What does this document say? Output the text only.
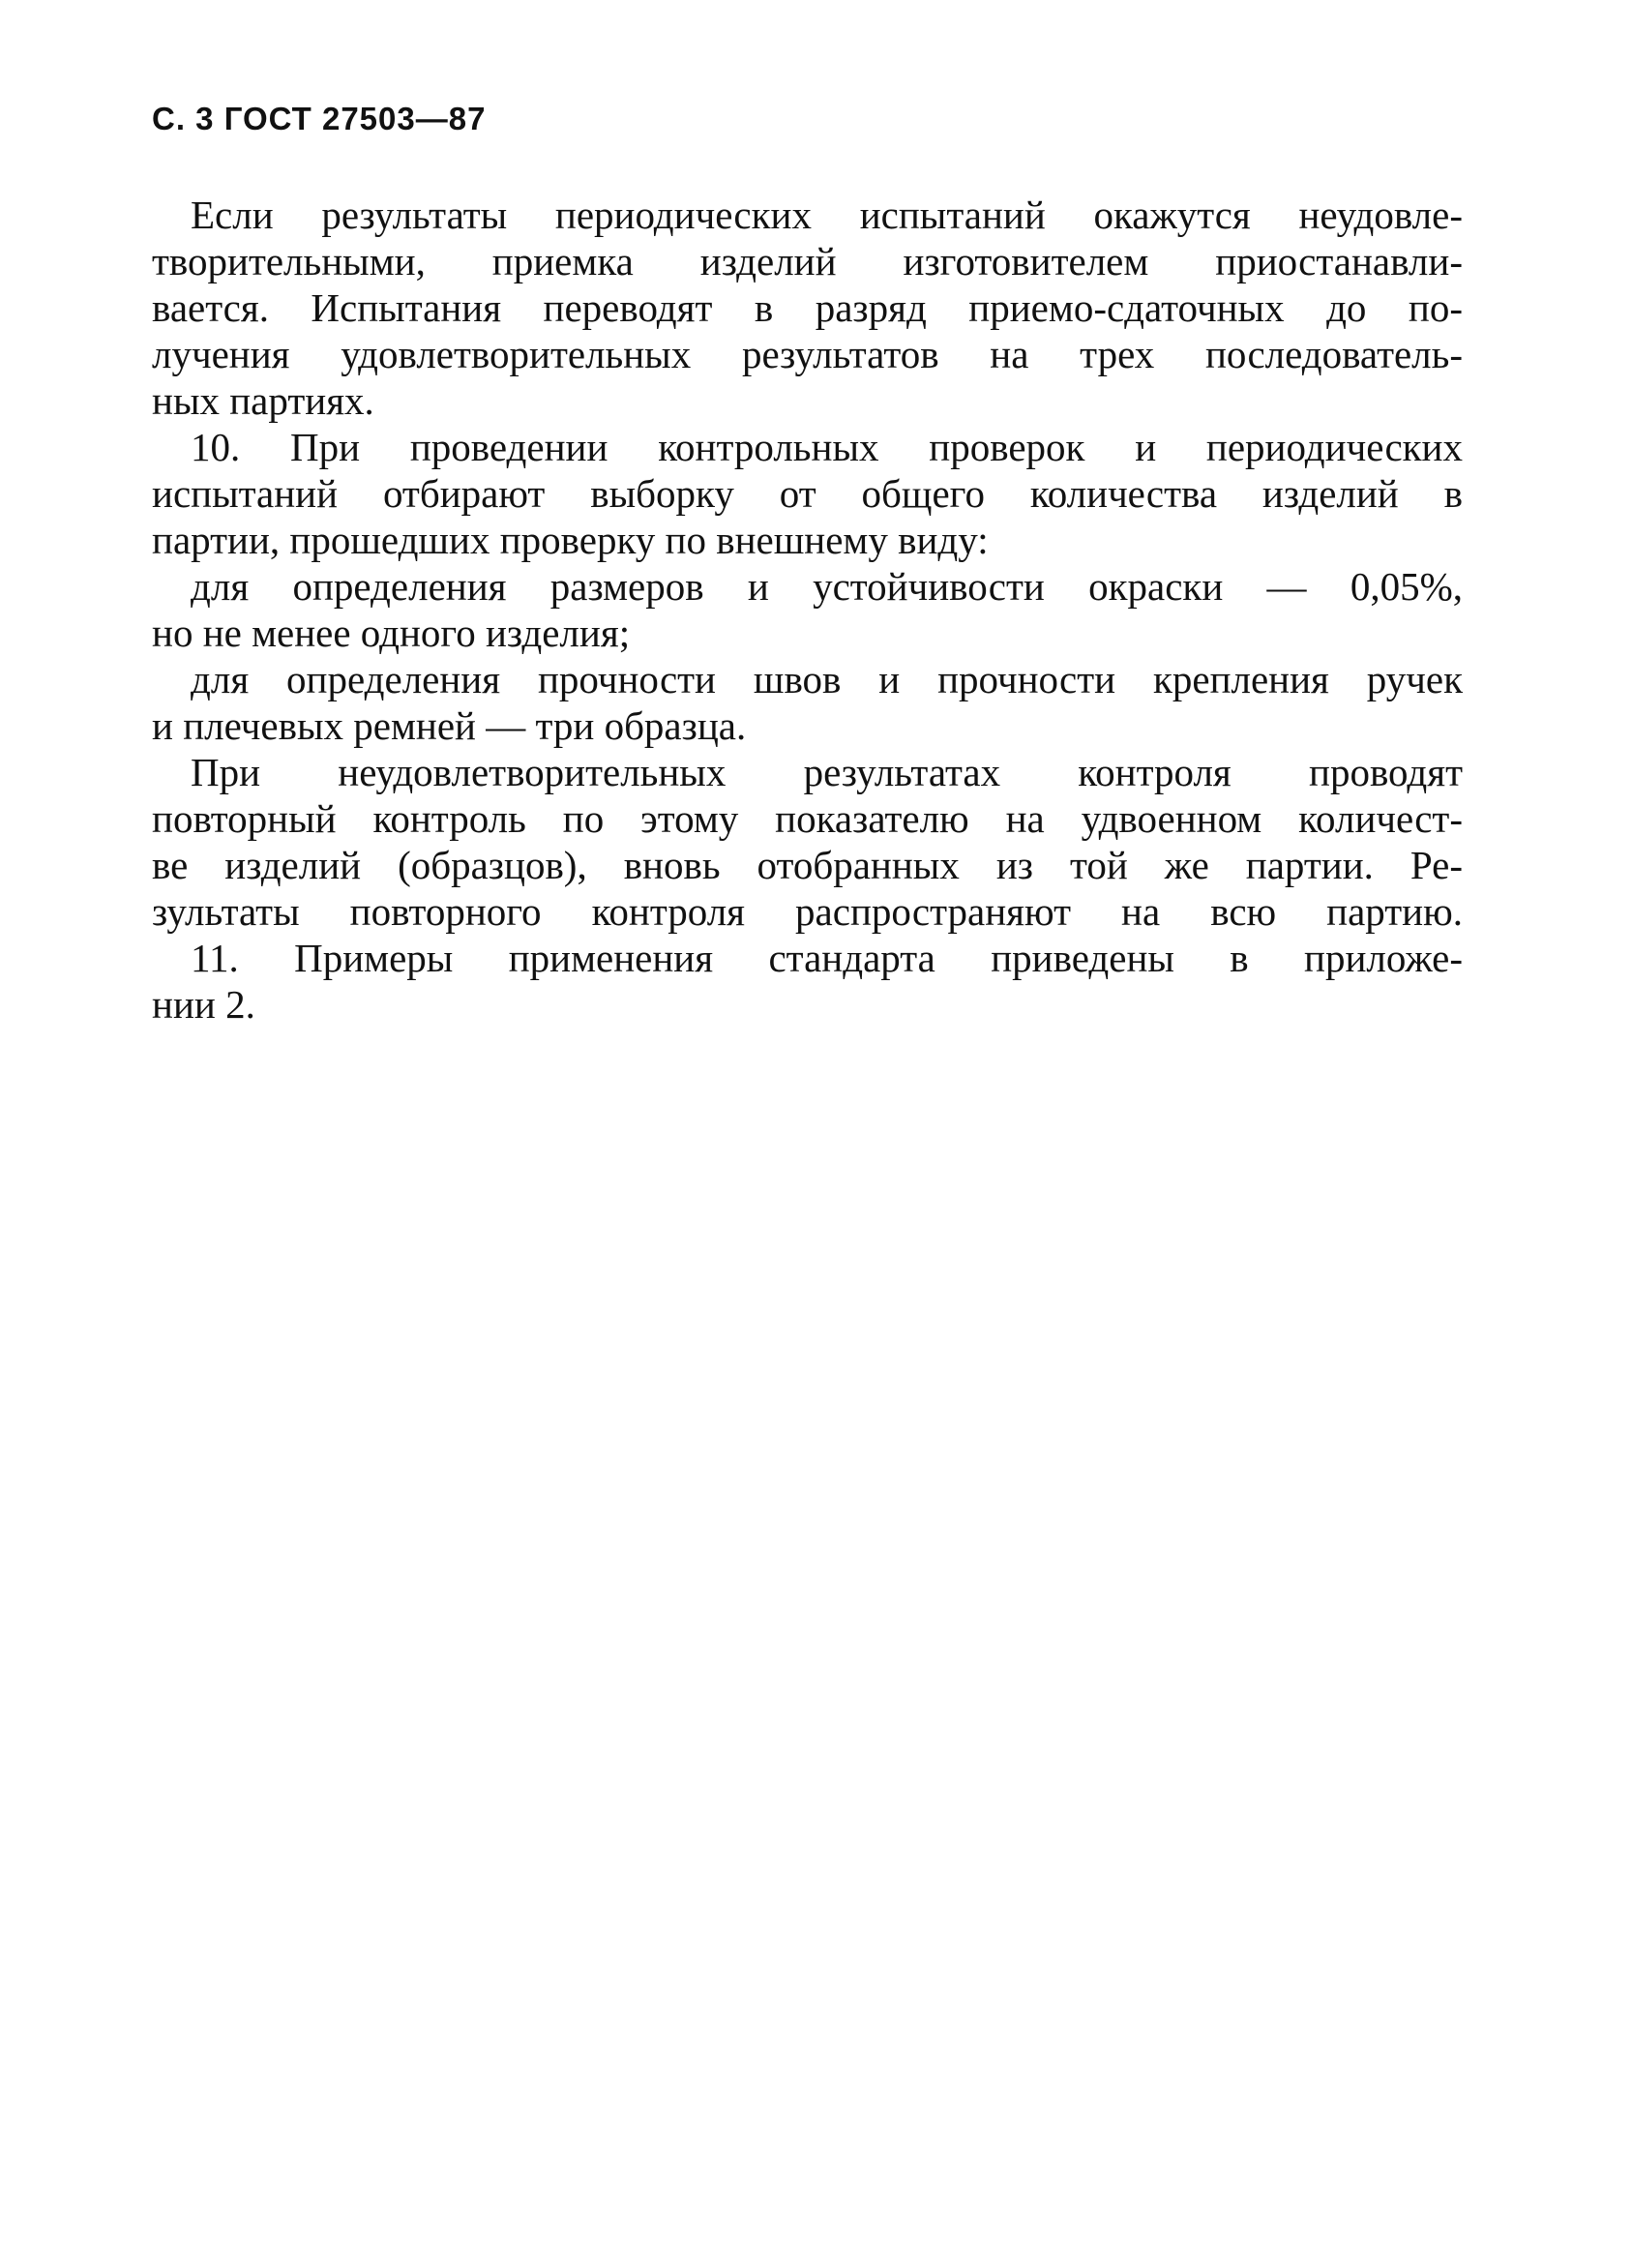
С. 3 ГОСТ 27503—87
Если результаты периодических испытаний окажутся неудовле-
творительными, приемка изделий изготовителем приостанавли-
вается. Испытания переводят в разряд приемо-сдаточных до по-
лучения удовлетворительных результатов на трех последователь-
ных партиях.
10. При проведении контрольных проверок и периодических
испытаний отбирают выборку от общего количества изделий в
партии, прошедших проверку по внешнему виду:
для определения размеров и устойчивости окраски — 0,05%,
но не менее одного изделия;
для определения прочности швов и прочности крепления ручек
и плечевых ремней — три образца.
При неудовлетворительных результатах контроля проводят
повторный контроль по этому показателю на удвоенном количест-
ве изделий (образцов), вновь отобранных из той же партии. Ре-
зультаты повторного контроля распространяют на всю партию.
11. Примеры применения стандарта приведены в приложе-
нии 2.
